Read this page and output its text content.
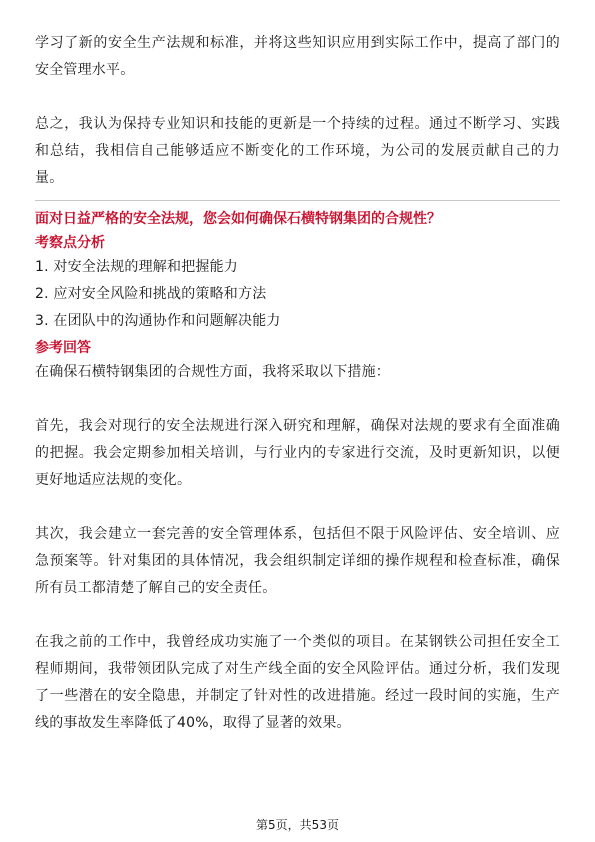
学习了新的安全生产法规和标准，并将这些知识应用到实际工作中，提高了部门的安全管理水平。

总之，我认为保持专业知识和技能的更新是一个持续的过程。通过不断学习、实践和总结，我相信自己能够适应不断变化的工作环境，为公司的发展贡献自己的力量。

面对日益严格的安全法规，您会如何确保石横特钢集团的合规性？

考察点分析

1. 对安全法规的理解和把握能力

2. 应对安全风险和挑战的策略和方法

3. 在团队中的沟通协作和问题解决能力

参考回答

在确保石横特钢集团的合规性方面，我将采取以下措施：

首先，我会对现行的安全法规进行深入研究和理解，确保对法规的要求有全面准确的把握。我会定期参加相关培训，与行业内的专家进行交流，及时更新知识，以便更好地适应法规的变化。

其次，我会建立一套完善的安全管理体系，包括但不限于风险评估、安全培训、应急预案等。针对集团的具体情况，我会组织制定详细的操作规程和检查标准，确保所有员工都清楚了解自己的安全责任。

在我之前的工作中，我曾经成功实施了一个类似的项目。在某钢铁公司担任安全工程师期间，我带领团队完成了对生产线全面的安全风险评估。通过分析，我们发现了一些潜在的安全隐患，并制定了针对性的改进措施。经过一段时间的实施，生产线的事故发生率降低了40%，取得了显著的效果。

第5页，共53页
